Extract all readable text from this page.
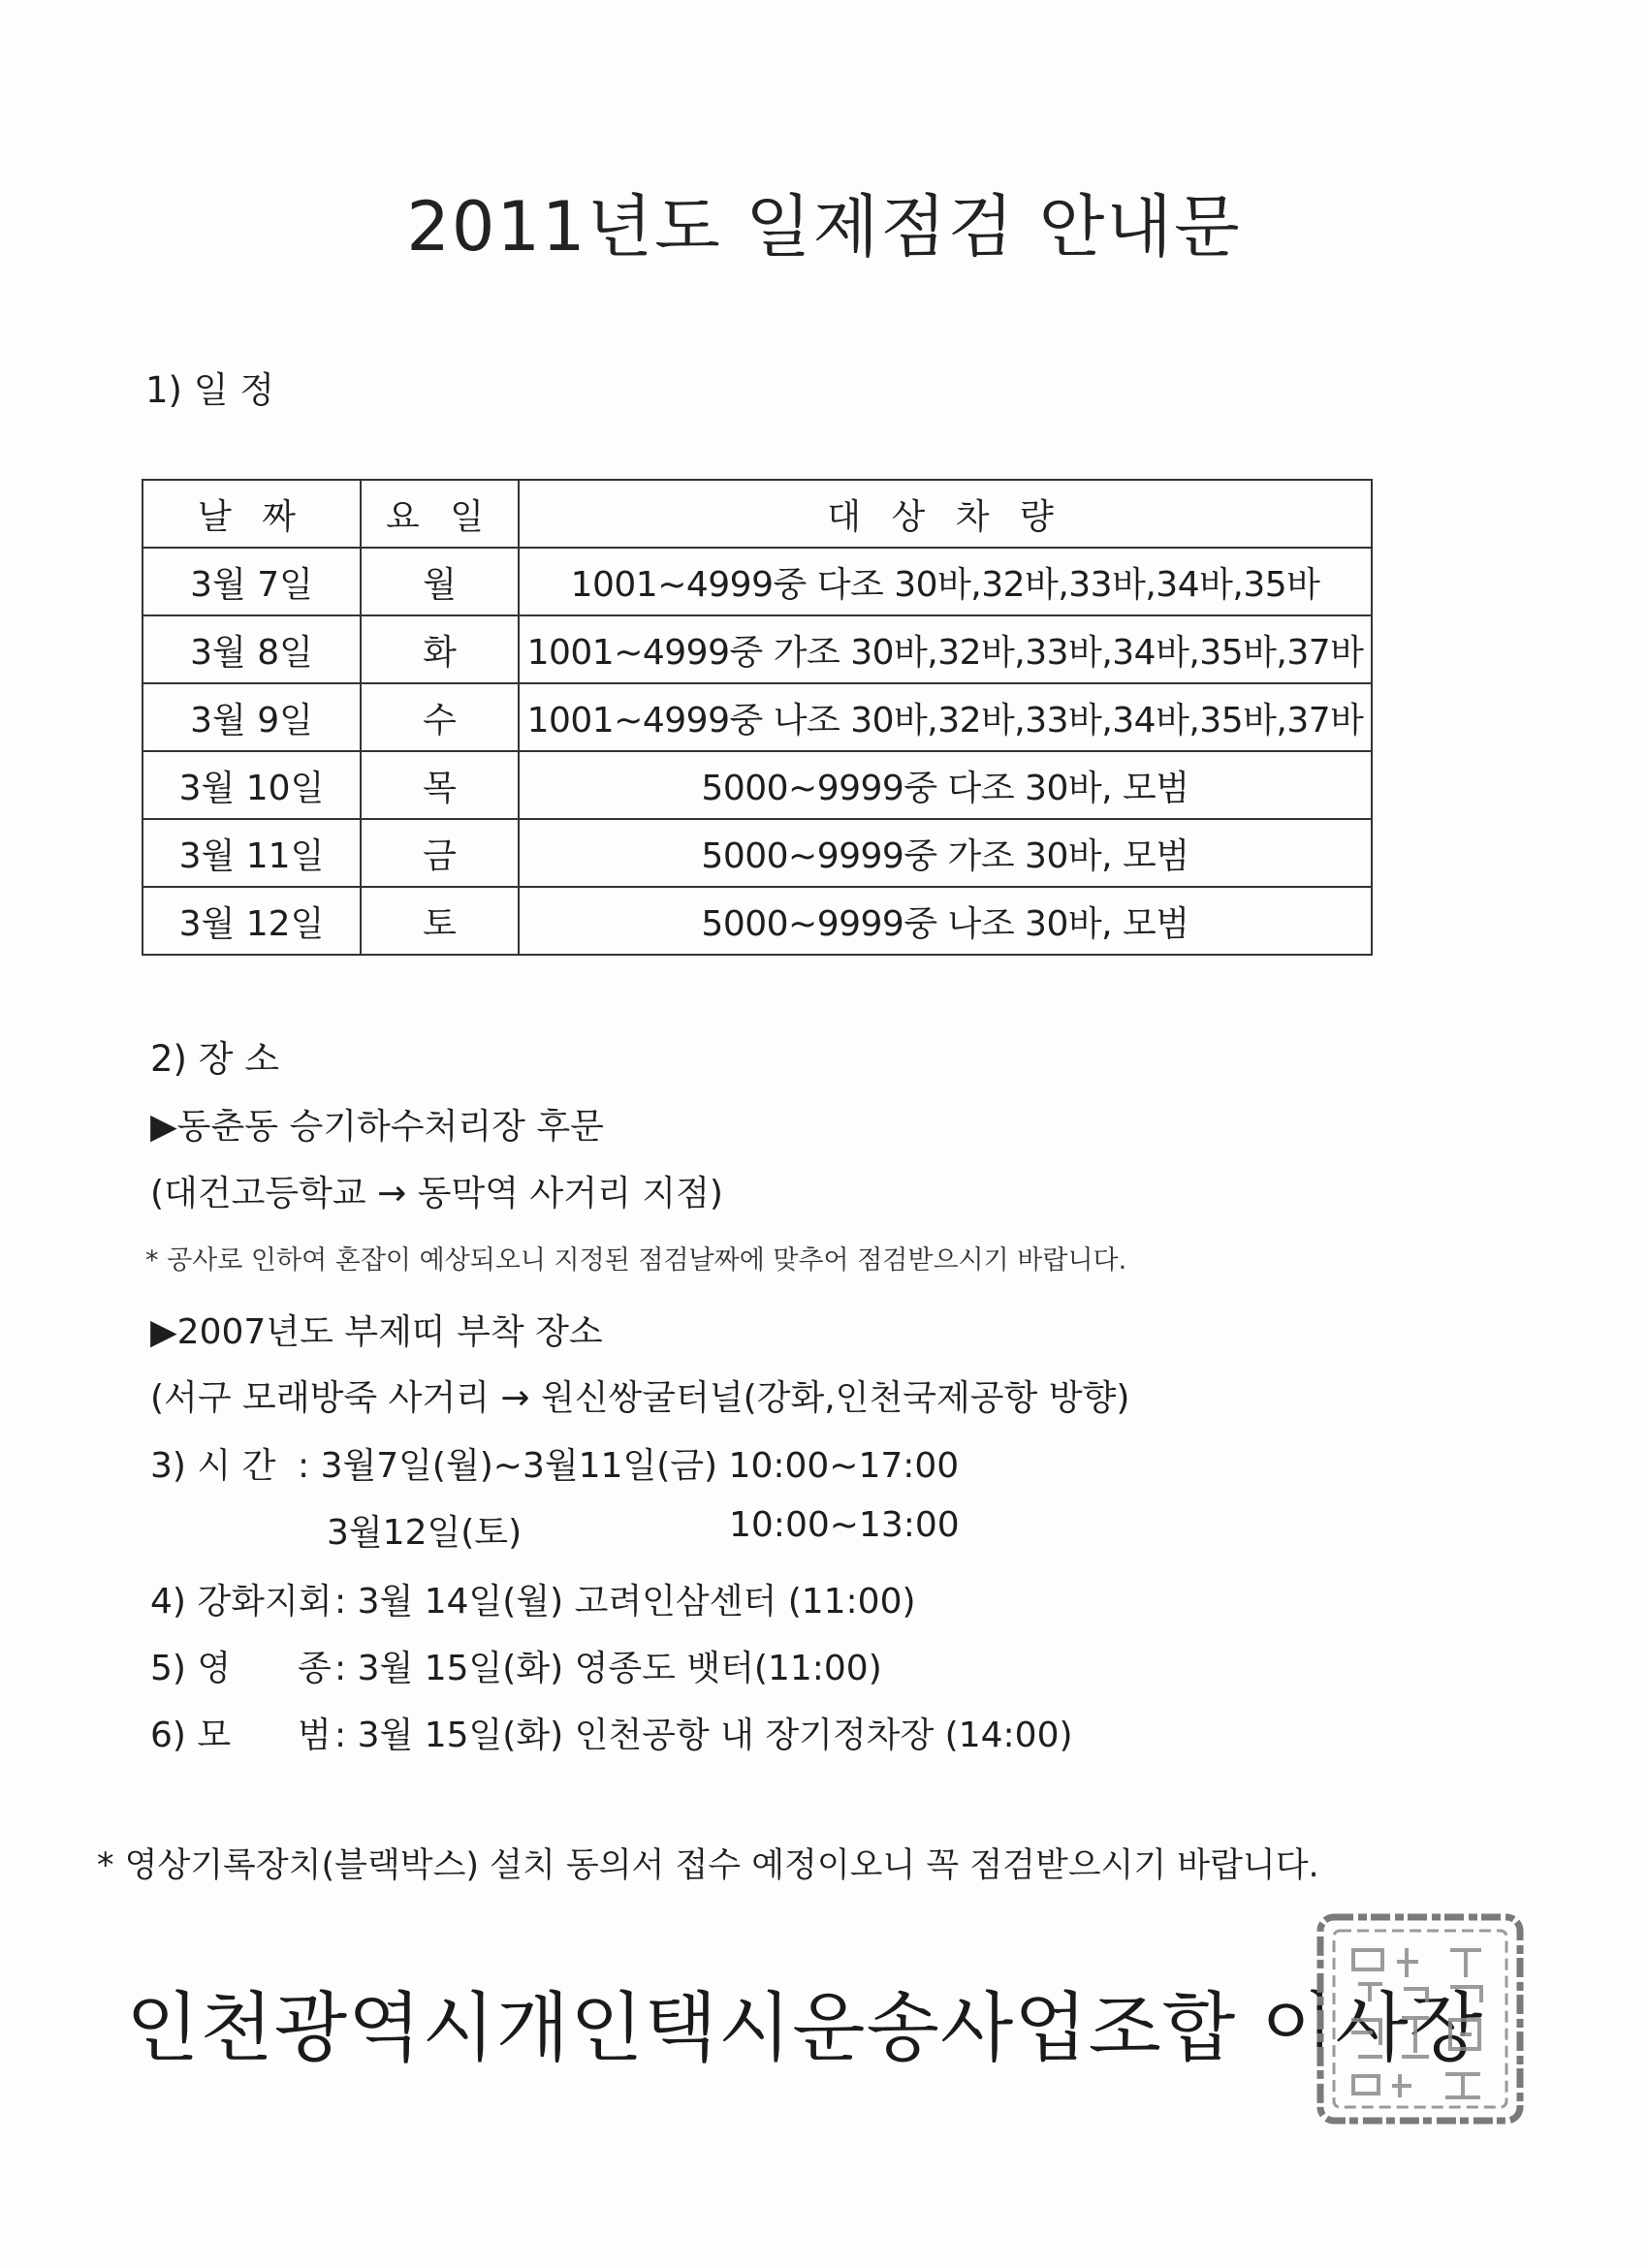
2011년도 일제점검 안내문
1) 일 정
날 짜	요 일	대 상 차 량
3월 7일	월	1001~4999중 다조 30바,32바,33바,34바,35바
3월 8일	화	1001~4999중 가조 30바,32바,33바,34바,35바,37바
3월 9일	수	1001~4999중 나조 30바,32바,33바,34바,35바,37바
3월 10일	목	5000~9999중 다조 30바, 모범
3월 11일	금	5000~9999중 가조 30바, 모범
3월 12일	토	5000~9999중 나조 30바, 모범
2) 장 소
▶동춘동 승기하수처리장 후문
(대건고등학교 → 동막역 사거리 지점)
* 공사로 인하여 혼잡이 예상되오니 지정된 점검날짜에 맞추어 점검받으시기 바랍니다.
▶2007년도 부제띠 부착 장소
(서구 모래방죽 사거리 → 원신쌍굴터널(강화,인천국제공항 방향)
3) 시 간 : 3월7일(월)~3월11일(금) 10:00~17:00
3월12일(토)	10:00~13:00
4) 강화지회 : 3월 14일(월) 고려인삼센터 (11:00)
5) 영 종 : 3월 15일(화) 영종도 뱃터(11:00)
6) 모 범 : 3월 15일(화) 인천공항 내 장기정차장 (14:00)
* 영상기록장치(블랙박스) 설치 동의서 접수 예정이오니 꼭 점검받으시기 바랍니다.
인천광역시개인택시운송사업조합 이사장
